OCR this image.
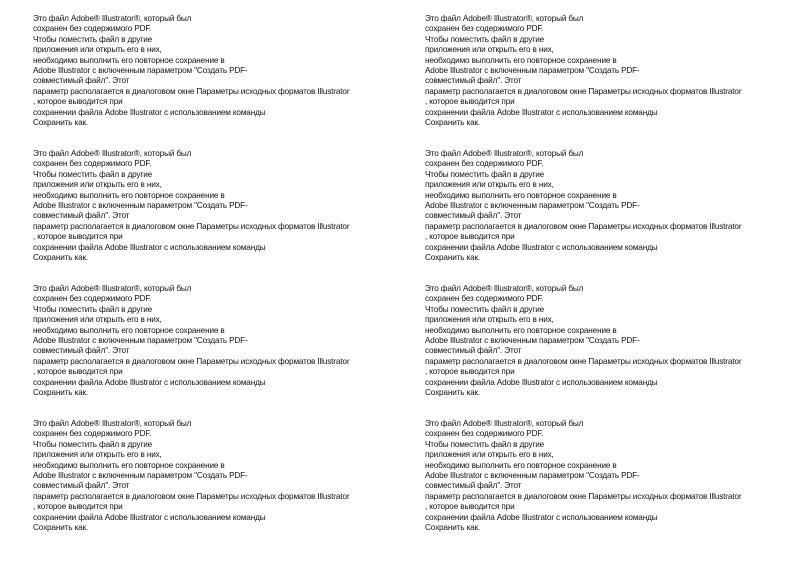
Это файл Adobe® Illustrator®, который был
сохранен без содержимого PDF.
Чтобы поместить файл в другие
приложения или открыть его в них,
необходимо выполнить его повторное сохранение в
Adobe Illustrator с включенным параметром "Создать PDF-
совместимый файл". Этот
параметр располагается в диалоговом окне Параметры исходных форматов Illustrator
, которое выводится при
сохранении файла Adobe Illustrator с использованием команды
Сохранить как.
Это файл Adobe® Illustrator®, который был
сохранен без содержимого PDF.
Чтобы поместить файл в другие
приложения или открыть его в них,
необходимо выполнить его повторное сохранение в
Adobe Illustrator с включенным параметром "Создать PDF-
совместимый файл". Этот
параметр располагается в диалоговом окне Параметры исходных форматов Illustrator
, которое выводится при
сохранении файла Adobe Illustrator с использованием команды
Сохранить как.
Это файл Adobe® Illustrator®, который был
сохранен без содержимого PDF.
Чтобы поместить файл в другие
приложения или открыть его в них,
необходимо выполнить его повторное сохранение в
Adobe Illustrator с включенным параметром "Создать PDF-
совместимый файл". Этот
параметр располагается в диалоговом окне Параметры исходных форматов Illustrator
, которое выводится при
сохранении файла Adobe Illustrator с использованием команды
Сохранить как.
Это файл Adobe® Illustrator®, который был
сохранен без содержимого PDF.
Чтобы поместить файл в другие
приложения или открыть его в них,
необходимо выполнить его повторное сохранение в
Adobe Illustrator с включенным параметром "Создать PDF-
совместимый файл". Этот
параметр располагается в диалоговом окне Параметры исходных форматов Illustrator
, которое выводится при
сохранении файла Adobe Illustrator с использованием команды
Сохранить как.
Это файл Adobe® Illustrator®, который был
сохранен без содержимого PDF.
Чтобы поместить файл в другие
приложения или открыть его в них,
необходимо выполнить его повторное сохранение в
Adobe Illustrator с включенным параметром "Создать PDF-
совместимый файл". Этот
параметр располагается в диалоговом окне Параметры исходных форматов Illustrator
, которое выводится при
сохранении файла Adobe Illustrator с использованием команды
Сохранить как.
Это файл Adobe® Illustrator®, который был
сохранен без содержимого PDF.
Чтобы поместить файл в другие
приложения или открыть его в них,
необходимо выполнить его повторное сохранение в
Adobe Illustrator с включенным параметром "Создать PDF-
совместимый файл". Этот
параметр располагается в диалоговом окне Параметры исходных форматов Illustrator
, которое выводится при
сохранении файла Adobe Illustrator с использованием команды
Сохранить как.
Это файл Adobe® Illustrator®, который был
сохранен без содержимого PDF.
Чтобы поместить файл в другие
приложения или открыть его в них,
необходимо выполнить его повторное сохранение в
Adobe Illustrator с включенным параметром "Создать PDF-
совместимый файл". Этот
параметр располагается в диалоговом окне Параметры исходных форматов Illustrator
, которое выводится при
сохранении файла Adobe Illustrator с использованием команды
Сохранить как.
Это файл Adobe® Illustrator®, который был
сохранен без содержимого PDF.
Чтобы поместить файл в другие
приложения или открыть его в них,
необходимо выполнить его повторное сохранение в
Adobe Illustrator с включенным параметром "Создать PDF-
совместимый файл". Этот
параметр располагается в диалоговом окне Параметры исходных форматов Illustrator
, которое выводится при
сохранении файла Adobe Illustrator с использованием команды
Сохранить как.
